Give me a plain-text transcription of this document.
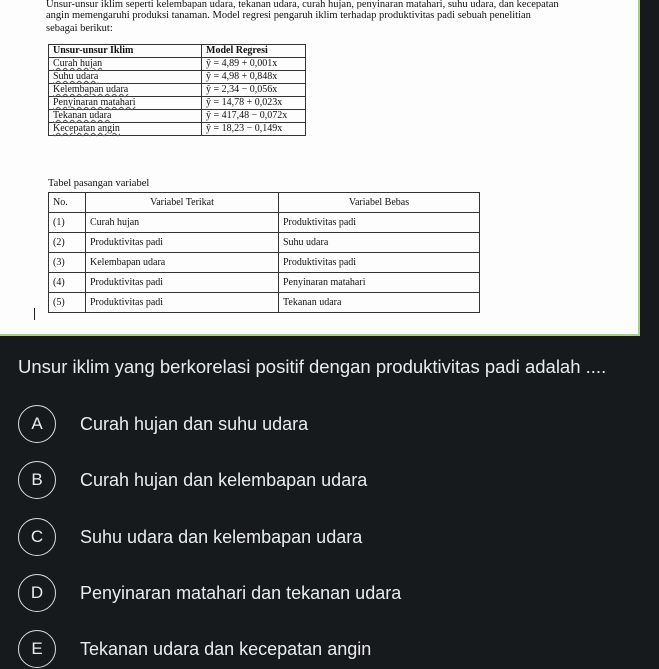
Unsur-unsur iklim seperti kelembapan udara, tekanan udara, curah hujan, penyinaran matahari, suhu udara, dan kecepatan
angin memengaruhi produksi tanaman. Model regresi pengaruh iklim terhadap produktivitas padi sebuah penelitian
sebagai berikut:

Unsur-unsur Iklim	Model Regresi
Curah hujan	ŷ = 4,89 + 0,001x
Suhu udara	ŷ = 4,98 + 0,848x
Kelembapan udara	ŷ = 2,34 − 0,056x
Penyinaran matahari	ŷ = 14,78 + 0,023x
Tekanan udara	ŷ = 417,48 − 0,072x
Kecepatan angin	ŷ = 18,23 − 0,149x
Tabel pasangan variabel
No.	Variabel Terikat	Variabel Bebas
(1)	Curah hujan	Produktivitas padi
(2)	Produktivitas padi	Suhu udara
(3)	Kelembapan udara	Produktivitas padi
(4)	Produktivitas padi	Penyinaran matahari
(5)	Produktivitas padi	Tekanan udara

Unsur iklim yang berkorelasi positif dengan produktivitas padi adalah ....

A	Curah hujan dan suhu udara
B	Curah hujan dan kelembapan udara
C	Suhu udara dan kelembapan udara
D	Penyinaran matahari dan tekanan udara
E	Tekanan udara dan kecepatan angin
